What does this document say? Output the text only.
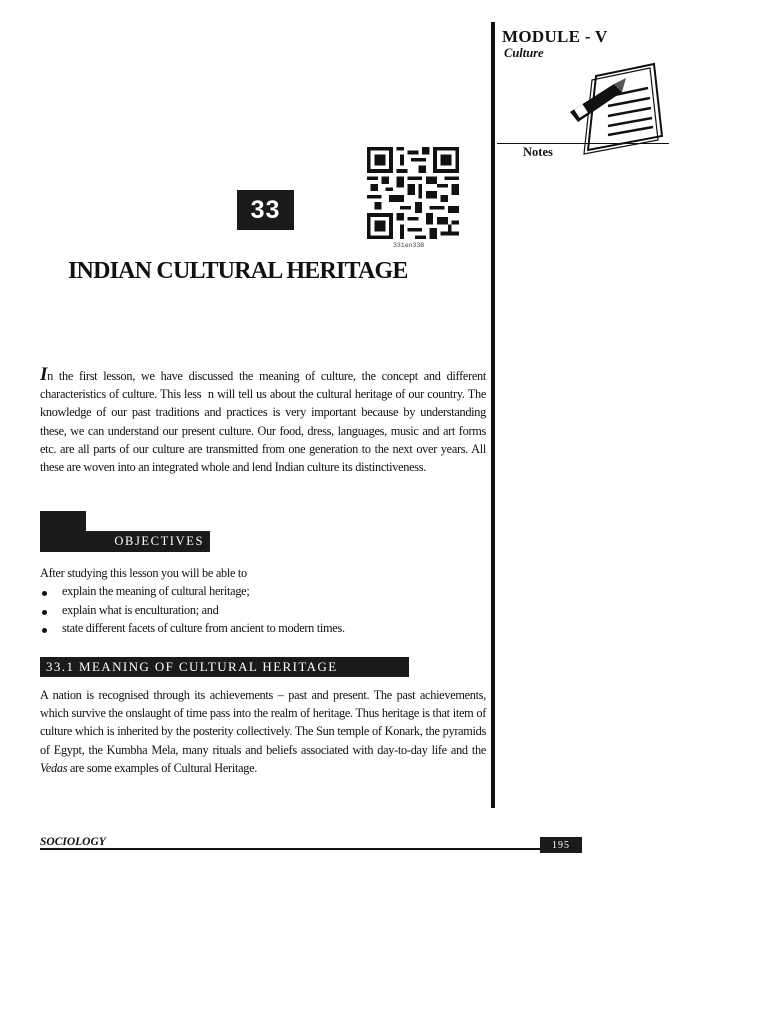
MODULE - V
Culture
Notes
33
331en33B
INDIAN CULTURAL HERITAGE

In the first lesson, we have discussed the meaning of culture, the concept and different characteristics of culture. This less  n will tell us about the cultural heritage of our country. The knowledge of our past traditions and practices is very important because by understanding these, we can understand our present culture. Our food, dress, languages, music and art forms etc. are all parts of our culture are transmitted from one generation to the next over years. All these are woven into an integrated whole and lend Indian culture its distinctiveness.

OBJECTIVES
After studying this lesson you will be able to
explain the meaning of cultural heritage;
explain what is enculturation; and
state different facets of culture from ancient to modern times.
33.1 MEANING OF CULTURAL HERITAGE

A nation is recognised through its achievements – past and present. The past achievements, which survive the onslaught of time pass into the realm of heritage. Thus heritage is that item of culture which is inherited by the posterity collectively. The Sun temple of Konark, the pyramids of Egypt, the Kumbha Mela, many rituals and beliefs associated with day-to-day life and the Vedas are some examples of Cultural Heritage.

SOCIOLOGY	195
